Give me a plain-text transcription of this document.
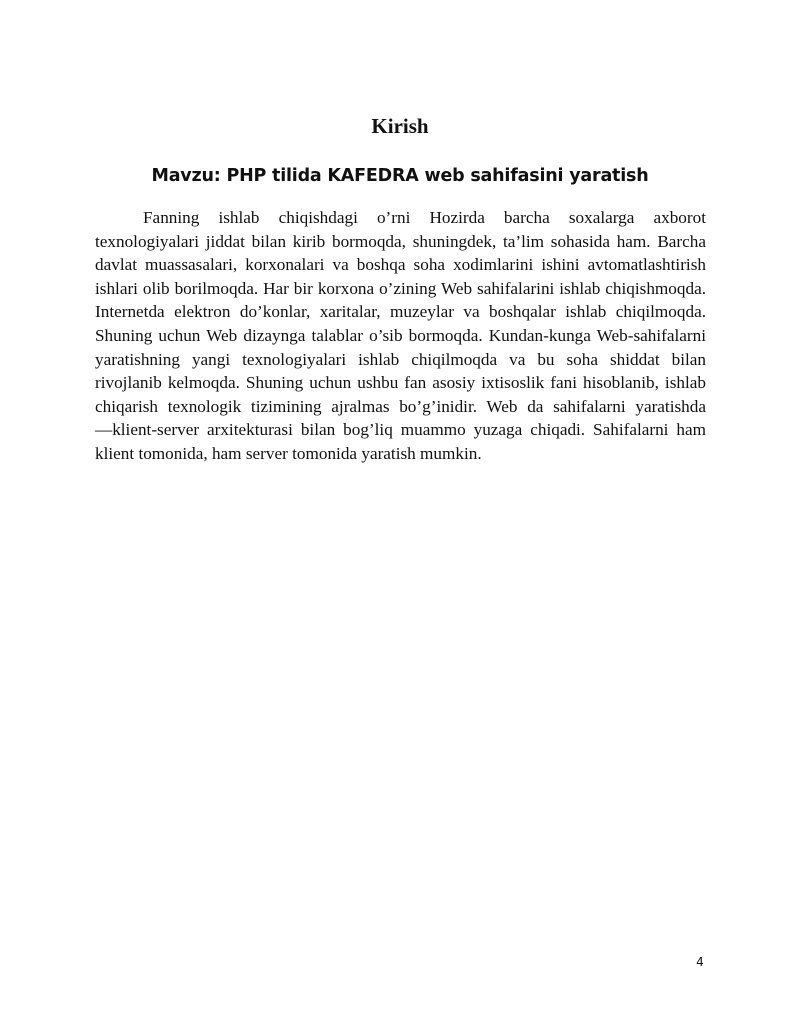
Kirish
Mavzu: PHP tilida KAFEDRA web sahifasini yaratish

Fanning ishlab chiqishdagi o’rni Hozirda barcha soxalarga axborot texnologiyalari jiddat bilan kirib bormoqda, shuningdek, ta’lim sohasida ham. Barcha davlat muassasalari, korxonalari va boshqa soha xodimlarini ishini avtomatlashtirish ishlari olib borilmoqda. Har bir korxona o’zining Web sahifalarini ishlab chiqishmoqda. Internetda elektron do’konlar, xaritalar, muzeylar va boshqalar ishlab chiqilmoqda. Shuning uchun Web dizaynga talablar o’sib bormoqda. Kundan-kunga Web-sahifalarni yaratishning yangi texnologiyalari ishlab chiqilmoqda va bu soha shiddat bilan rivojlanib kelmoqda. Shuning uchun ushbu fan asosiy ixtisoslik fani hisoblanib, ishlab chiqarish texnologik tizimining ajralmas bo’g’inidir. Web da sahifalarni yaratishda ―klient-server arxitekturasi bilan bog’liq muammo yuzaga chiqadi. Sahifalarni ham klient tomonida, ham server tomonida yaratish mumkin.

4
